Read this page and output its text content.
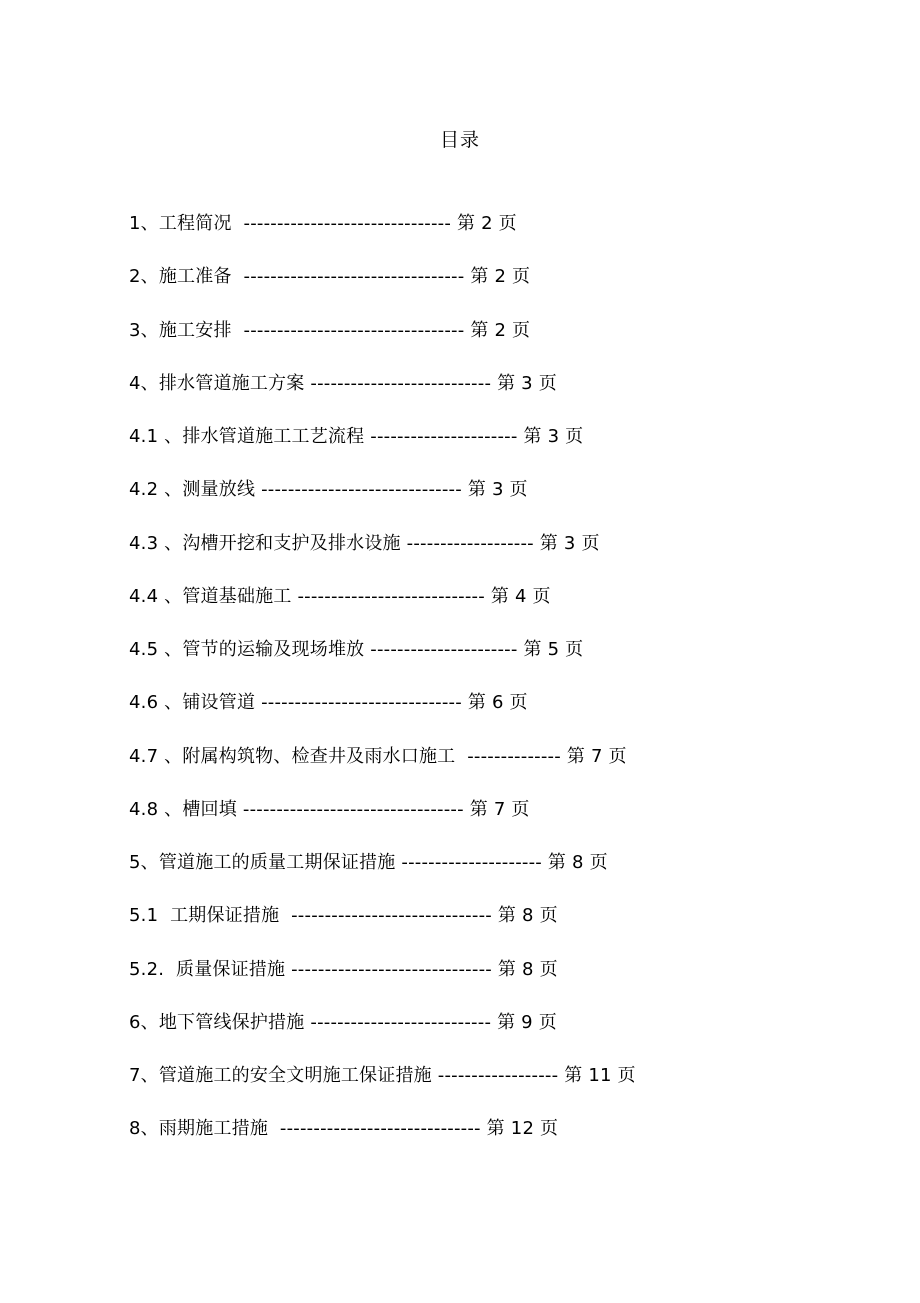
目录
1、工程简况  ------------------------------- 第 2 页
2、施工准备  --------------------------------- 第 2 页
3、施工安排  --------------------------------- 第 2 页
4、排水管道施工方案 --------------------------- 第 3 页
4.1 、排水管道施工工艺流程 ---------------------- 第 3 页
4.2 、测量放线 ------------------------------ 第 3 页
4.3 、沟槽开挖和支护及排水设施 ------------------- 第 3 页
4.4 、管道基础施工 ---------------------------- 第 4 页
4.5 、管节的运输及现场堆放 ---------------------- 第 5 页
4.6 、铺设管道 ------------------------------ 第 6 页
4.7 、附属构筑物、检查井及雨水口施工  -------------- 第 7 页
4.8 、槽回填 --------------------------------- 第 7 页
5、管道施工的质量工期保证措施 --------------------- 第 8 页
5.1  工期保证措施  ------------------------------ 第 8 页
5.2.  质量保证措施 ------------------------------ 第 8 页
6、地下管线保护措施 --------------------------- 第 9 页
7、管道施工的安全文明施工保证措施 ------------------ 第 11 页
8、雨期施工措施  ------------------------------ 第 12 页
